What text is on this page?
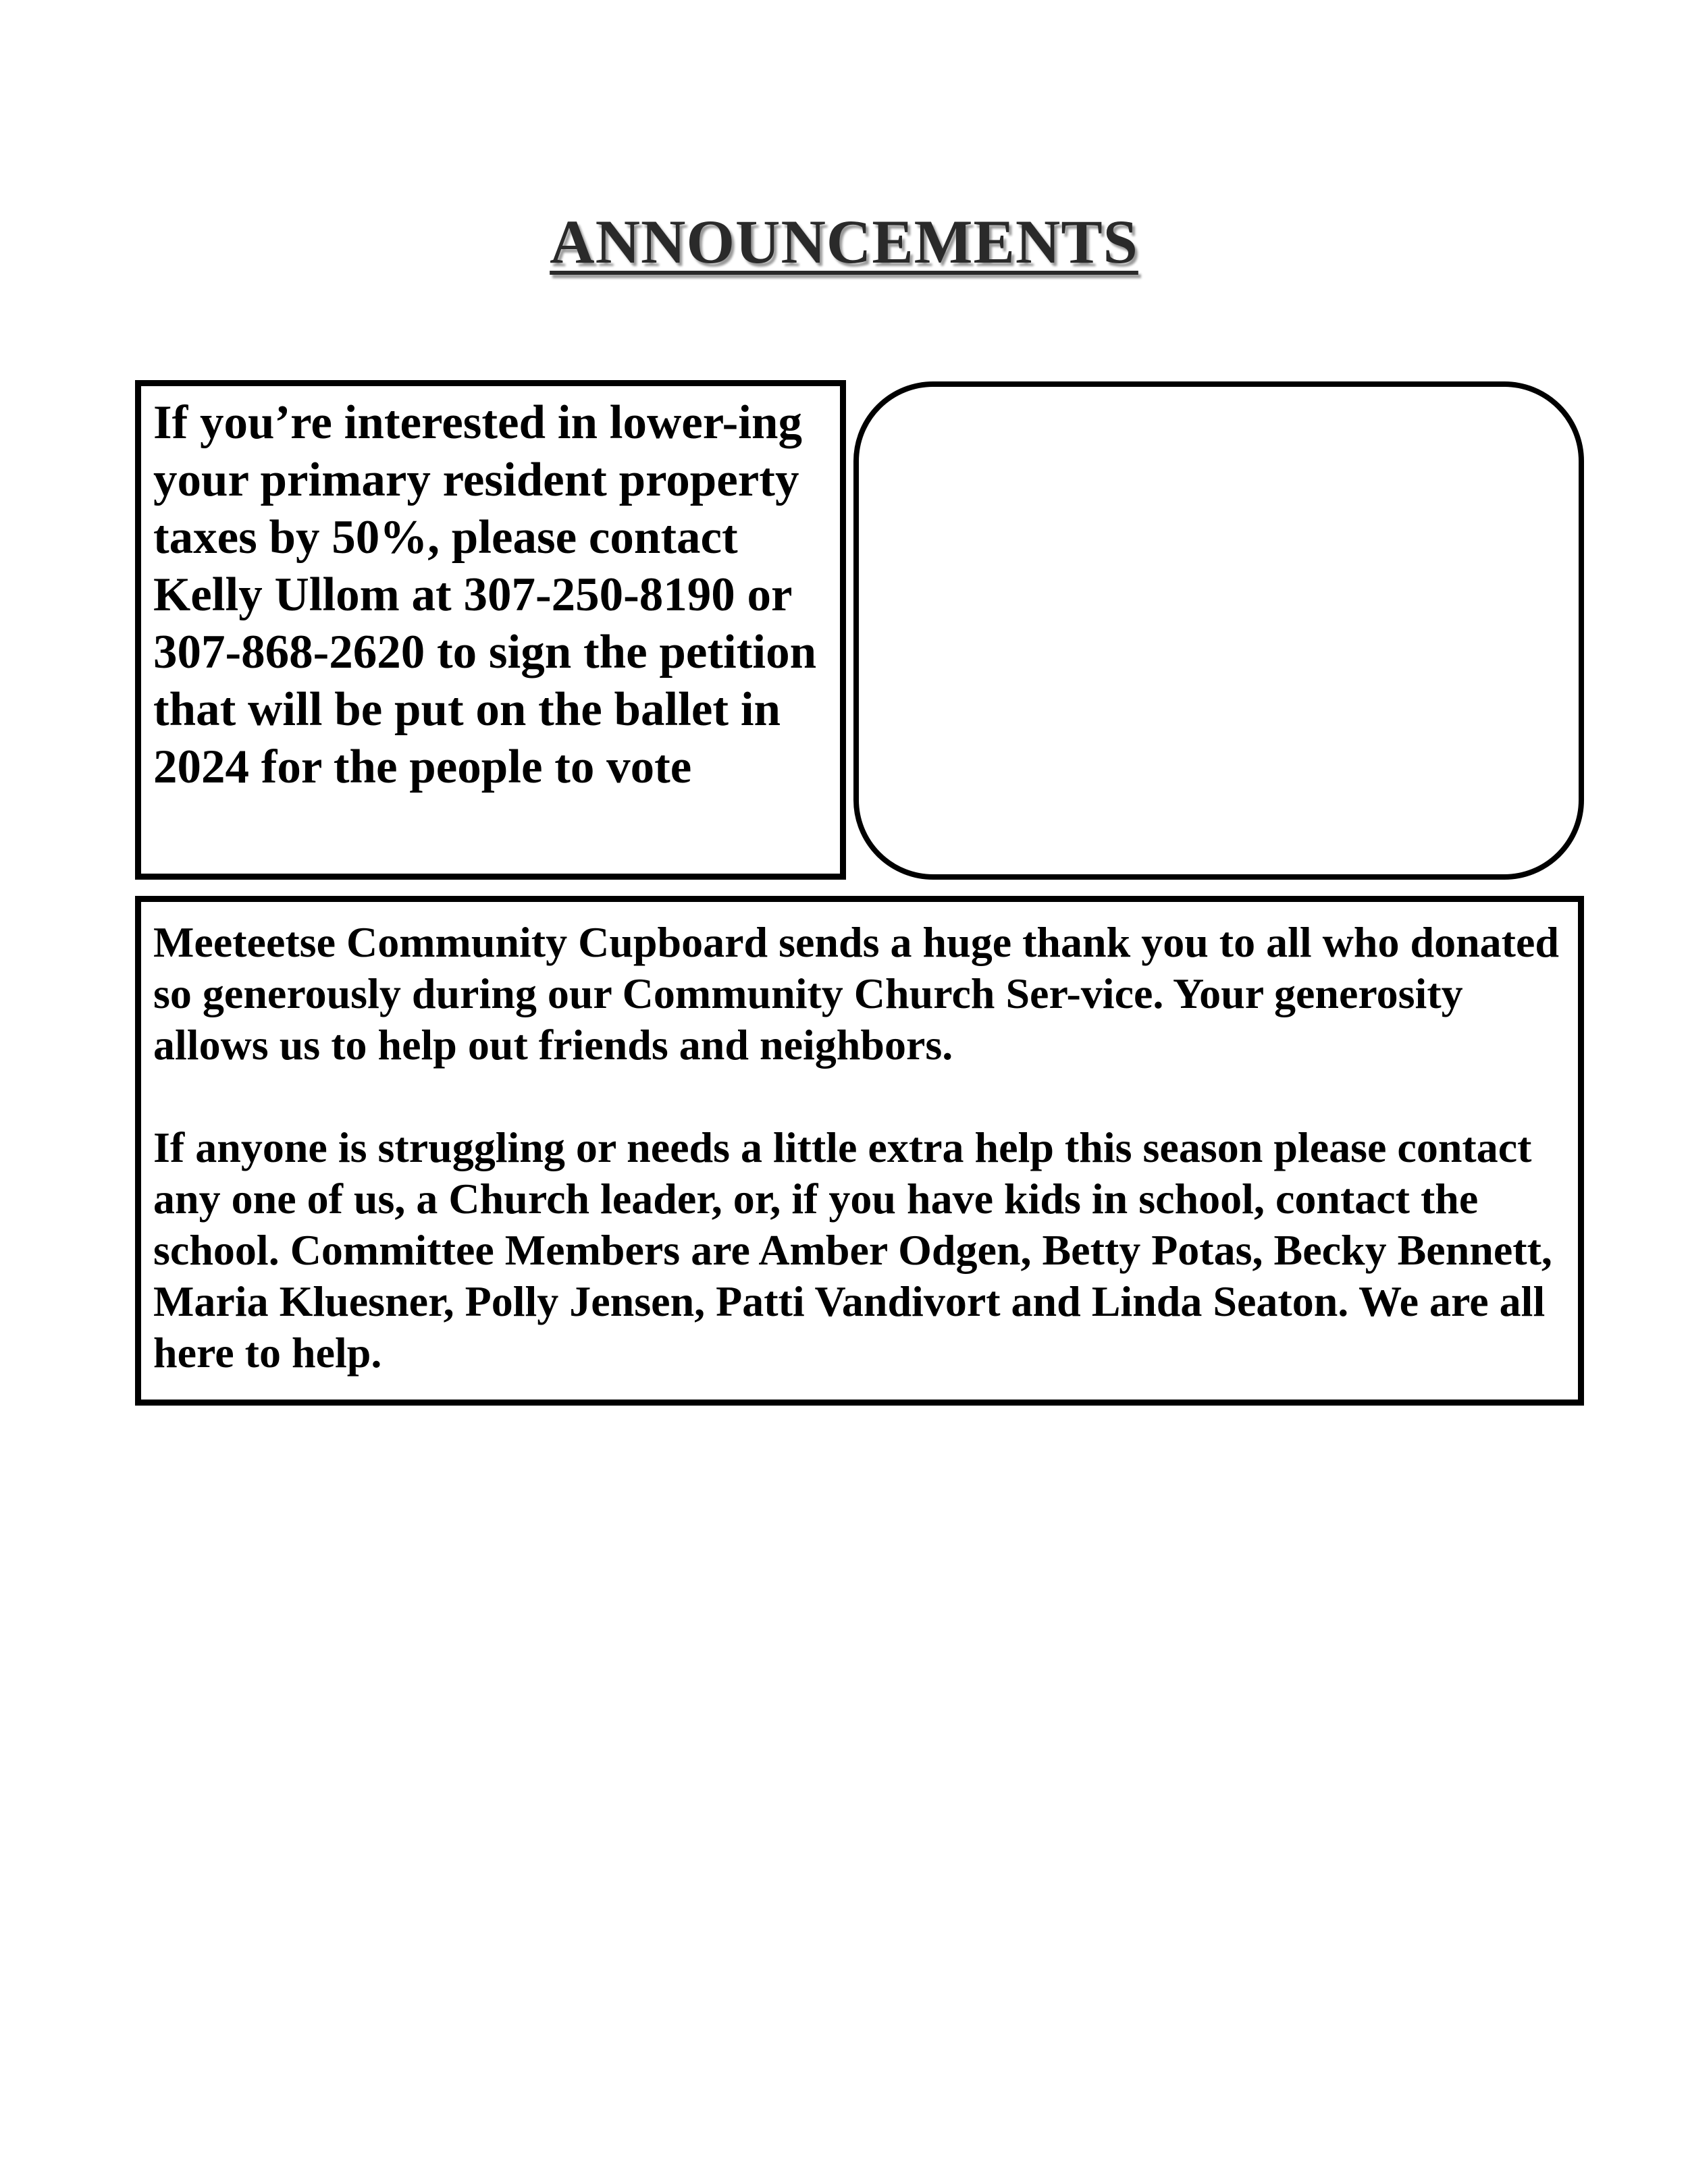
ANNOUNCEMENTS

If you’re interested in lower-ing your primary resident property taxes by 50%, please contact Kelly Ullom at 307-250-8190 or 307-868-2620 to sign the petition that will be put on the ballet in 2024 for the people to vote

Meeteetse Community Cupboard sends a huge thank you to all who donated so generously during our Community Church Ser-vice. Your generosity allows us to help out friends and neighbors.

If anyone is struggling or needs a little extra help this season please contact any one of us, a Church leader, or, if you have kids in school, contact the school. Committee Members are Amber Odgen, Betty Potas, Becky Bennett, Maria Kluesner, Polly Jensen, Patti Vandivort and Linda Seaton. We are all here to help.
